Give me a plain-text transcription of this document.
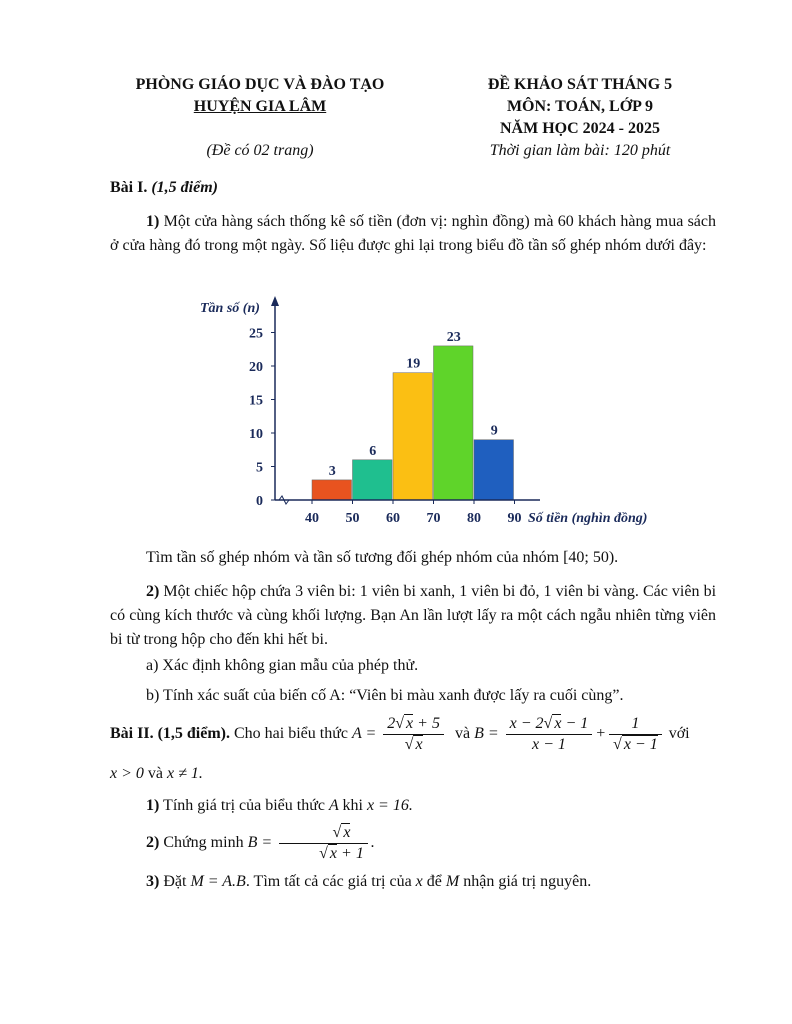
PHÒNG GIÁO DỤC VÀ ĐÀO TẠO
HUYỆN GIA LÂM
(Đề có 02 trang)
ĐỀ KHẢO SÁT THÁNG 5
MÔN: TOÁN, LỚP 9
NĂM HỌC 2024 - 2025
Thời gian làm bài: 120 phút
Bài I. (1,5 điểm)
1) Một cửa hàng sách thống kê số tiền (đơn vị: nghìn đồng) mà 60 khách hàng mua sách ở cửa hàng đó trong một ngày. Số liệu được ghi lại trong biểu đồ tần số ghép nhóm dưới đây:
3
6
19
23
9
0
5
10
15
20
25
40 50 60 70 80 90
Tần số (n)
Số tiền (nghìn đồng)
Tìm tần số ghép nhóm và tần số tương đối ghép nhóm của nhóm [40; 50).
2) Một chiếc hộp chứa 3 viên bi: 1 viên bi xanh, 1 viên bi đỏ, 1 viên bi vàng. Các viên bi có cùng kích thước và cùng khối lượng. Bạn An lần lượt lấy ra một cách ngẫu nhiên từng viên bi từ trong hộp cho đến khi hết bi.
a) Xác định không gian mẫu của phép thử.
b) Tính xác suất của biến cố A: “Viên bi màu xanh được lấy ra cuối cùng”.
Bài II. (1,5 điểm). Cho hai biểu thức $A = \frac{2√ x + 5}{√ x}$ và $B = \frac{x - 2√ x - 1}{x - 1} + \frac{1}{√ x - 1}$ với
x > 0 và x ≠ 1.
1) Tính giá trị của biểu thức A khi x = 16.
2) Chứng minh $B = \frac{√ x}{√ x + 1}$ .
3) Đặt M = A.B. Tìm tất cả các giá trị của x để M nhận giá trị nguyên.
